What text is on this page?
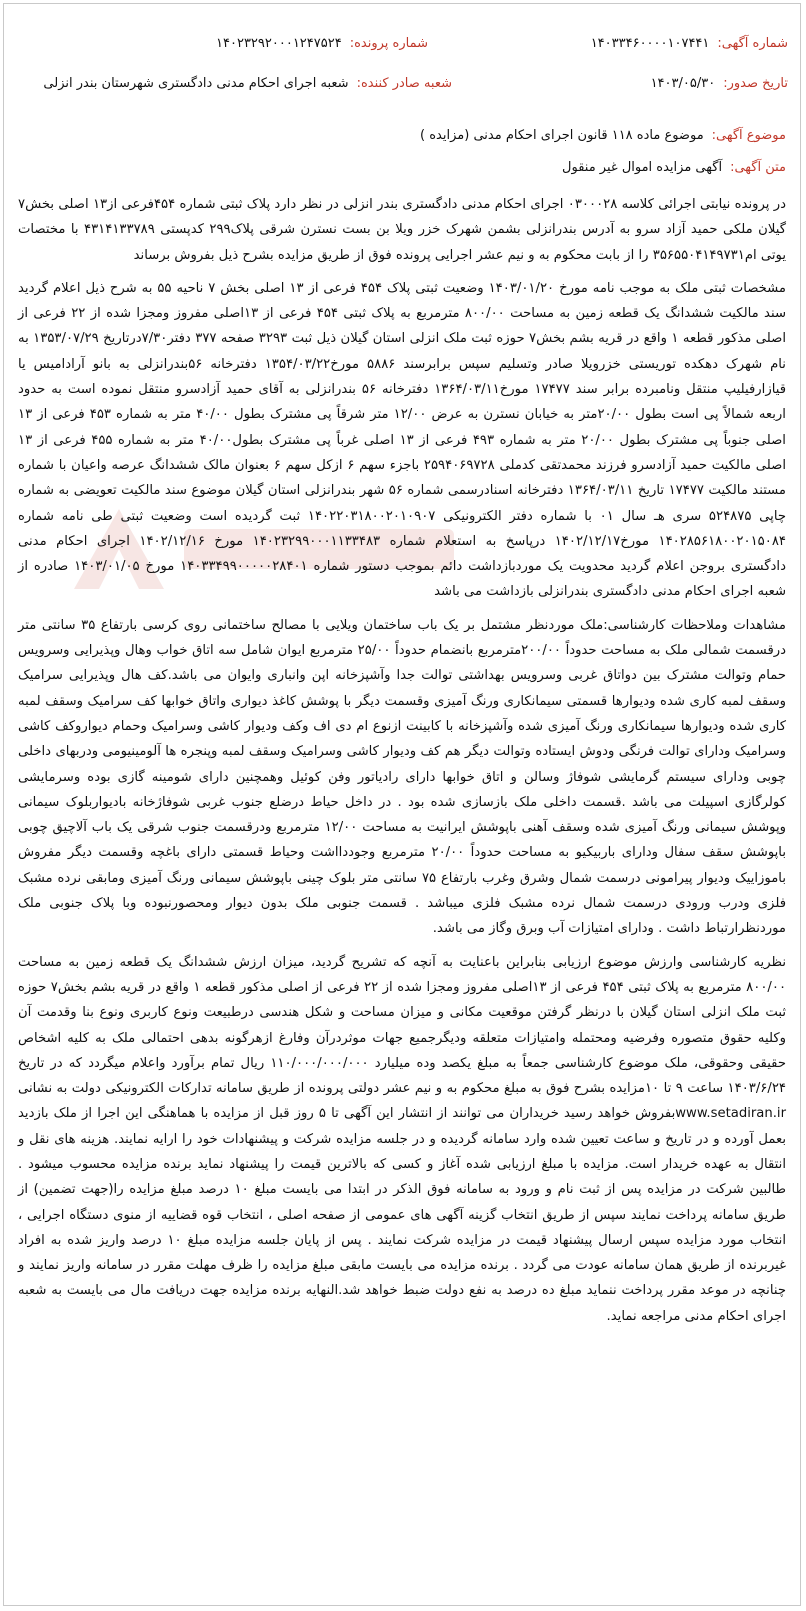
شماره آگهی:
۱۴۰۳۳۴۶۰۰۰۰۱۰۷۴۴۱
شماره پرونده:
۱۴۰۲۳۲۹۲۰۰۰۱۲۴۷۵۲۴
تاریخ صدور:
۱۴۰۳/۰۵/۳۰
شعبه صادر کننده:
شعبه اجرای احکام مدنی دادگستری شهرستان بندر انزلی
موضوع آگهی:
موضوع ماده ۱۱۸ قانون اجرای احکام مدنی (مزایده )
متن آگهی:
آگهی مزایده اموال غیر منقول

در پرونده نیابتی اجرائی کلاسه ۰۳۰۰۰۲۸ اجرای احکام مدنی دادگستری بندر انزلی در نظر دارد پلاک ثبتی شماره ۴۵۴فرعی از۱۳ اصلی بخش۷ گیلان ملکی حمید آزاد سرو به آدرس بندرانزلی بشمن شهرک خزر ویلا بن بست نسترن شرقی پلاک۲۹۹ کدپستی ۴۳۱۴۱۳۳۷۸۹ با مختصات یوتی ام۳۵۶۵۵۰۴۱۴۹۷۳۱ را از بابت محکوم به و نیم عشر اجرایی پرونده فوق از طریق مزایده بشرح ذیل بفروش برساند

مشخصات ثبتی ملک به موجب نامه مورخ ۱۴۰۳/۰۱/۲۰ وضعیت ثبتی پلاک ۴۵۴ فرعی از ۱۳ اصلی بخش ۷ ناحیه ۵۵ به شرح ذیل اعلام گردید سند مالکیت ششدانگ یک قطعه زمین به مساحت ۸۰۰/۰۰ مترمربع به پلاک ثبتی ۴۵۴ فرعی از ۱۳اصلی مفروز ومجزا شده از ۲۲ فرعی از اصلی مذکور قطعه ۱ واقع در قریه بشم بخش۷ حوزه ثبت ملک انزلی استان گیلان ذیل ثبت ۳۲۹۳ صفحه ۳۷۷ دفتر۷/۳۰درتاریخ ۱۳۵۳/۰۷/۲۹ به نام شهرک دهکده توریستی خزرویلا صادر وتسلیم سپس برابرسند ۵۸۸۶ مورخ۱۳۵۴/۰۳/۲۲ دفترخانه ۵۶بندرانزلی به بانو آرادامیس یا قیازارفیلیپ منتقل ونامبرده برابر سند ۱۷۴۷۷ مورخ۱۳۶۴/۰۳/۱۱ دفترخانه ۵۶ بندرانزلی به آقای حمید آزادسرو منتقل نموده است به حدود اربعه شمالاً پی است بطول ۲۰/۰۰متر به خیابان نسترن به عرض ۱۲/۰۰ متر شرقاً پی مشترک بطول ۴۰/۰۰ متر به شماره ۴۵۳ فرعی از ۱۳ اصلی جنوباً پی مشترک بطول ۲۰/۰۰ متر به شماره ۴۹۳ فرعی از ۱۳ اصلی غرباً پی مشترک بطول۴۰/۰۰ متر به شماره ۴۵۵ فرعی از ۱۳ اصلی مالکیت حمید آزادسرو فرزند محمدتقی کدملی ۲۵۹۴۰۶۹۷۲۸ باجزء سهم ۶ ازکل سهم ۶ بعنوان مالک ششدانگ عرصه واعیان با شماره مستند مالکیت ۱۷۴۷۷ تاریخ ۱۳۶۴/۰۳/۱۱ دفترخانه اسنادرسمی شماره ۵۶ شهر بندرانزلی استان گیلان موضوع سند مالکیت تعویضی به شماره چاپی ۵۲۴۸۷۵ سری هـ سال ۰۱ با شماره دفتر الکترونیکی ۱۴۰۲۲۰۳۱۸۰۰۲۰۱۰۹۰۷ ثبت گردیده است وضعیت ثبتی طی نامه شماره ۱۴۰۲۸۵۶۱۸۰۰۲۰۱۵۰۸۴ مورخ۱۴۰۲/۱۲/۱۷ درپاسخ به استعلام شماره ۱۴۰۲۳۲۹۹۰۰۰۱۱۳۳۴۸۳ مورخ ۱۴۰۲/۱۲/۱۶ اجرای احکام مدنی دادگستری بروجن اعلام گردید محدویت یک موردبازداشت دائم بموجب دستور شماره ۱۴۰۳۳۴۹۹۰۰۰۰۰۲۸۴۰۱ مورخ ۱۴۰۳/۰۱/۰۵ صادره از شعبه اجرای احکام مدنی دادگستری بندرانزلی بازداشت می باشد

مشاهدات وملاحظات کارشناسی:ملک موردنظر مشتمل بر یک باب ساختمان ویلایی با مصالح ساختمانی روی کرسی بارتفاع ۳۵ سانتی متر درقسمت شمالی ملک به مساحت حدوداً ۲۰۰/۰۰مترمربع بانضمام حدوداً ۲۵/۰۰ مترمربع ایوان شامل سه اتاق خواب وهال وپذیرایی وسرویس حمام وتوالت مشترک بین دواتاق غربی وسرویس بهداشتی توالت جدا وآشپزخانه اپن وانباری وایوان می باشد.کف هال وپذیرایی سرامیک وسقف لمبه کاری شده ودیوارها قسمتی سیمانکاری ورنگ آمیزی وقسمت دیگر با پوشش کاغذ دیواری واتاق خوابها کف سرامیک وسقف لمبه کاری شده ودیوارها سیمانکاری ورنگ آمیزی شده وآشپزخانه با کابینت ازنوع ام دی اف وکف ودیوار کاشی وسرامیک وحمام دیواروکف کاشی وسرامیک ودارای توالت فرنگی ودوش ایستاده وتوالت دیگر هم کف ودیوار کاشی وسرامیک وسقف لمبه وپنجره ها آلومینیومی ودربهای داخلی چوبی ودارای سیستم گرمایشی شوفاژ وسالن و اتاق خوابها دارای رادیاتور وفن کوئیل وهمچنین دارای شومینه گازی بوده وسرمایشی کولرگازی اسپیلت می باشد .قسمت داخلی ملک بازسازی شده بود . در داخل حیاط درضلع جنوب غربی شوفاژخانه بادیواربلوک سیمانی وپوشش سیمانی ورنگ آمیزی شده وسقف آهنی باپوشش ایرانیت به مساحت ۱۲/۰۰ مترمربع ودرقسمت جنوب شرقی یک باب آلاچیق چوبی باپوشش سقف سفال ودارای باربیکیو به مساحت حدوداً ۲۰/۰۰ مترمربع وجوددااشت وحیاط قسمتی دارای باغچه وقسمت دیگر مفروش باموزاییک ودیوار پیرامونی درسمت شمال وشرق وغرب بارتفاع ۷۵ سانتی متر بلوک چینی باپوشش سیمانی ورنگ آمیزی ومابقی نرده مشبک فلزی ودرب ورودی درسمت شمال نرده مشبک فلزی میباشد . قسمت جنوبی ملک بدون دیوار ومحصورنبوده وبا پلاک جنوبی ملک موردنظرارتباط داشت . ودارای امتیازات آب وبرق وگاز می باشد.

نظریه کارشناسی وارزش موضوع ارزیابی بنابراین باعنایت به آنچه که تشریح گردید، میزان ارزش ششدانگ یک قطعه زمین به مساحت ۸۰۰/۰۰ مترمربع به پلاک ثبتی ۴۵۴ فرعی از ۱۳اصلی مفروز ومجزا شده از ۲۲ فرعی از اصلی مذکور قطعه ۱ واقع در قریه بشم بخش۷ حوزه ثبت ملک انزلی استان گیلان با درنظر گرفتن موقعیت مکانی و میزان مساحت و شکل هندسی درطبیعت ونوع کاربری ونوع بنا وقدمت آن وکلیه حقوق متصوره وفرضیه ومحتمله وامتیازات متعلقه ودیگرجمیع جهات موثردرآن وفارغ ازهرگونه بدهی احتمالی ملک به کلیه اشخاص حقیقی وحقوقی، ملک موضوع کارشناسی جمعاً به مبلغ یکصد وده میلیارد ۱۱۰/۰۰۰/۰۰۰/۰۰۰ ریال تمام برآورد واعلام میگردد که در تاریخ ۱۴۰۳/۶/۲۴ ساعت ۹ تا ۱۰مزایده بشرح فوق به مبلغ محکوم به و نیم عشر دولتی پرونده از طریق سامانه تدارکات الکترونیکی دولت به نشانی www.setadiran.irبفروش خواهد رسید خریداران می توانند از انتشار این آگهی تا ۵ روز قبل از مزایده با هماهنگی این اجرا از ملک بازدید بعمل آورده و در تاریخ و ساعت تعیین شده وارد سامانه گردیده و در جلسه مزایده شرکت و پیشنهادات خود را ارایه نمایند. هزینه های نقل و انتقال به عهده خریدار است. مزایده با مبلغ ارزیابی شده آغاز و کسی که بالاترین قیمت را پیشنهاد نماید برنده مزایده محسوب میشود . طالبین شرکت در مزایده پس از ثبت نام و ورود به سامانه فوق الذکر در ابتدا می بایست مبلغ ۱۰ درصد مبلغ مزایده را(جهت تضمین) از طریق سامانه پرداخت نمایند سپس از طریق انتخاب گزینه آگهی های عمومی از صفحه اصلی ، انتخاب قوه قضاییه از منوی دستگاه اجرایی ، انتخاب مورد مزایده سپس ارسال پیشنهاد قیمت در مزایده شرکت نمایند . پس از پایان جلسه مزایده مبلغ ۱۰ درصد واریز شده به افراد غیربرنده از طریق همان سامانه عودت می گردد . برنده مزایده می بایست مابقی مبلغ مزایده را ظرف مهلت مقرر در سامانه واریز نمایند و چنانچه در موعد مقرر پرداخت ننماید مبلغ ده درصد به نفع دولت ضبط خواهد شد.النهایه برنده مزایده جهت دریافت مال می بایست به شعبه اجرای احکام مدنی مراجعه نماید.
